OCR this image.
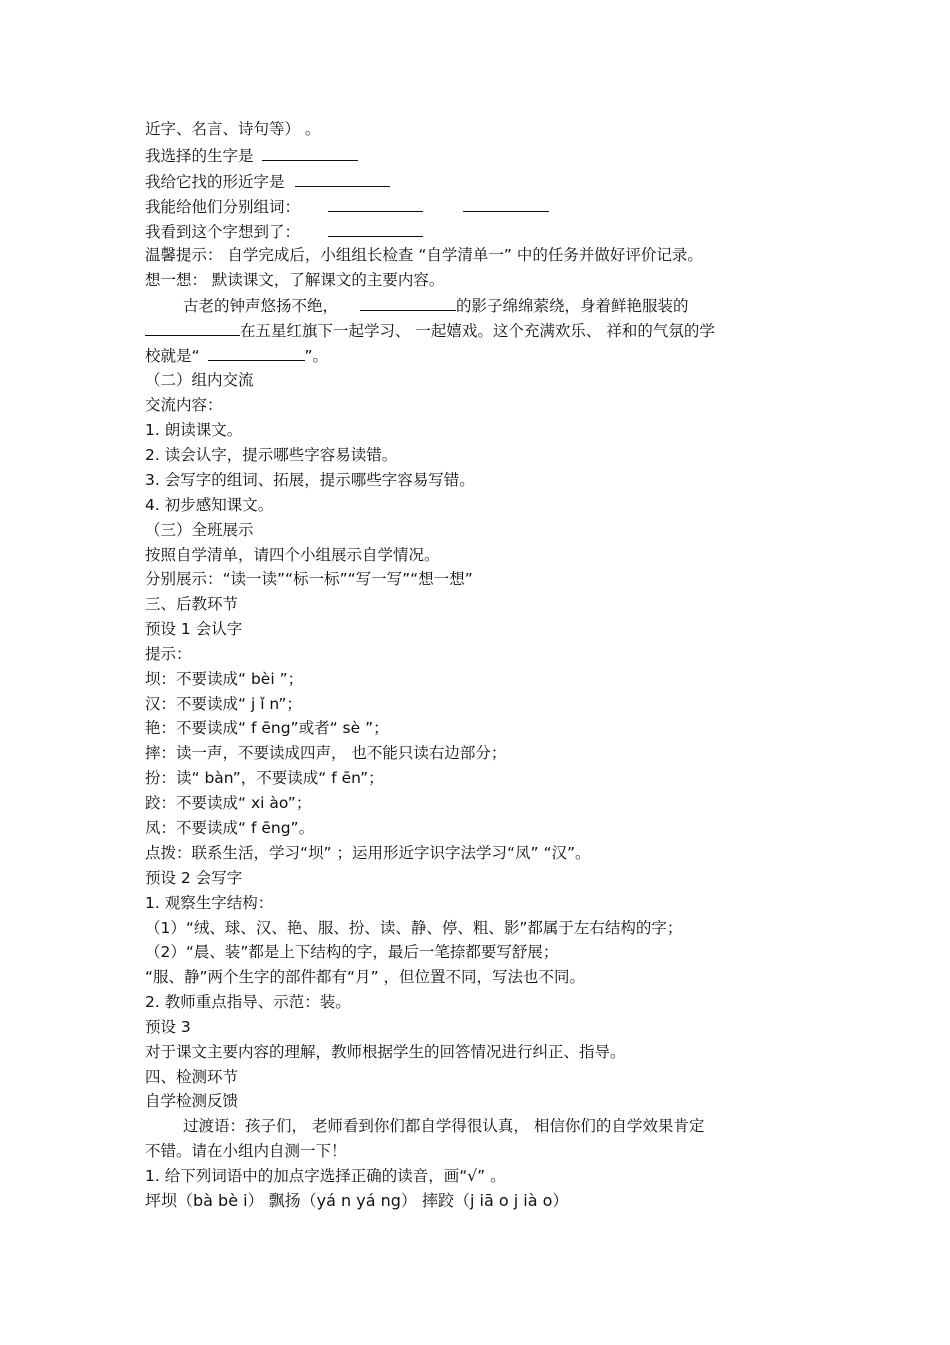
近字、名言、诗句等） 。
我选择的生字是
我给它找的形近字是
我能给他们分别组词：
我看到这个字想到了：
温馨提示： 自学完成后，小组组长检查 “自学清单一” 中的任务并做好评价记录。
想一想： 默读课文，了解课文的主要内容。
古老的钟声悠扬不绝，	的影子绵绵萦绕，身着鲜艳服装的
在五星红旗下一起学习、 一起嬉戏。这个充满欢乐、 祥和的气氛的学
校就是“	”。
（二）组内交流
交流内容：
1. 朗读课文。
2. 读会认字，提示哪些字容易读错。
3. 会写字的组词、拓展，提示哪些字容易写错。
4. 初步感知课文。
（三）全班展示
按照自学清单，请四个小组展示自学情况。
分别展示：“读一读”“标一标”“写一写”“想一想”
三、后教环节
预设 1 会认字
提示：
坝：不要读成“ bèi ”；
汉：不要读成“ j ǐ n”；
艳：不要读成“ f ēng”或者“ sè ”；
摔：读一声，不要读成四声， 也不能只读右边部分；
扮：读“ bàn”，不要读成“ f ēn”；
跤：不要读成“ xi ào”；
凤：不要读成“ f ēng”。
点拨：联系生活，学习“坝” ；运用形近字识字法学习“凤” “汉”。
预设 2 会写字
1. 观察生字结构：
（1）“绒、球、汉、艳、服、扮、读、静、停、粗、影”都属于左右结构的字；
（2）“晨、装”都是上下结构的字，最后一笔捺都要写舒展；
“服、静”两个生字的部件都有“月” ，但位置不同，写法也不同。
2. 教师重点指导、示范：装。
预设 3
对于课文主要内容的理解，教师根据学生的回答情况进行纠正、指导。
四、检测环节
自学检测反馈
过渡语：孩子们， 老师看到你们都自学得很认真， 相信你们的自学效果肯定
不错。请在小组内自测一下！
1. 给下列词语中的加点字选择正确的读音，画“√” 。
坪坝（bà bè i） 飘扬（yá n yá ng） 摔跤（j iā o j ià o）
